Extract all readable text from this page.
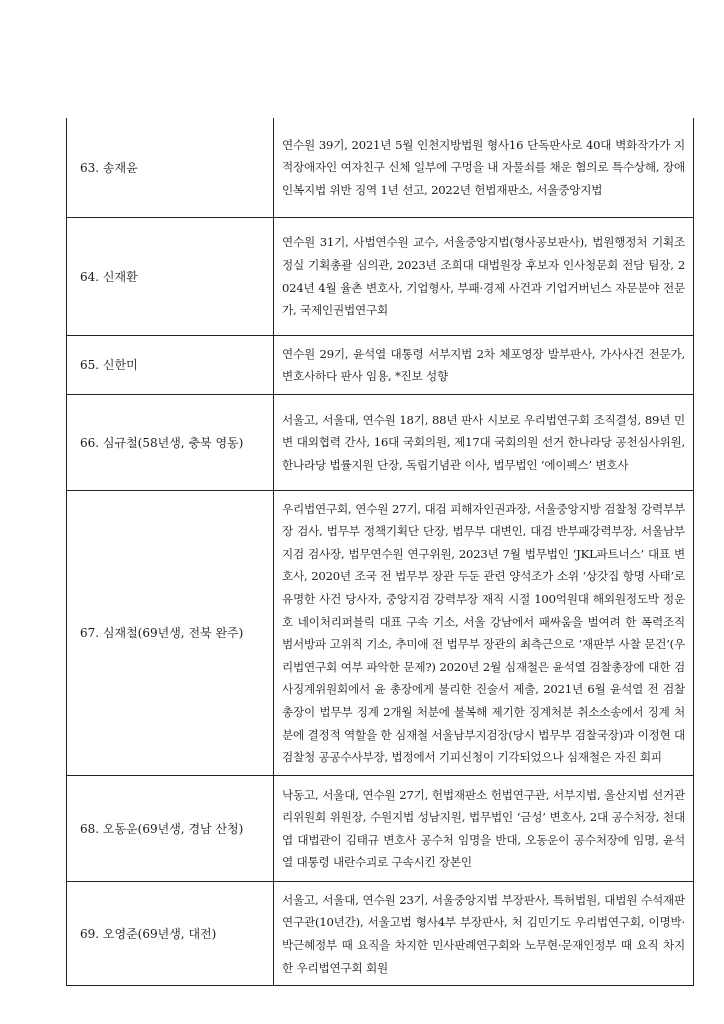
63. 송재윤	연수원 39기, 2021년 5월 인천지방법원 형사16 단독판사로 40대 벽화작가가 지적장애자인 여자친구 신체 일부에 구멍을 내 자물쇠를 채운 혐의로 특수상해, 장애인복지법 위반 징역 1년 선고, 2022년 헌법재판소, 서울중앙지법
64. 신재환	연수원 31기, 사법연수원 교수, 서울중앙지법(형사공보판사), 법원행정처 기획조정실 기획총괄 심의관, 2023년 조희대 대법원장 후보자 인사청문회 전담 팀장, 2024년 4월 율촌 변호사, 기업형사, 부패·경제 사건과 기업거버넌스 자문분야 전문가, 국제인권법연구회
65. 신한미	연수원 29기, 윤석열 대통령 서부지법 2차 체포영장 발부판사, 가사사건 전문가, 변호사하다 판사 임용, *진보 성향
66. 심규철(58년생, 충북 영동)	서울고, 서울대, 연수원 18기, 88년 판사 시보로 우리법연구회 조직결성, 89년 민변 대외협력 간사, 16대 국회의원, 제17대 국회의원 선거 한나라당 공천심사위원, 한나라당 법률지원 단장, 독립기념관 이사, 법무법인 ‘에이펙스’ 변호사
67. 심재철(69년생, 전북 완주)	우리법연구회, 연수원 27기, 대검 피해자인권과장, 서울중앙지방 검찰청 강력부부장 검사, 법무부 정책기획단 단장, 법무부 대변인, 대검 반부패강력부장, 서울남부지검 검사장, 법무연수원 연구위원, 2023년 7월 법무법인 ‘JKL파트너스’ 대표 변호사, 2020년 조국 전 법무부 장관 두둔 관련 양석조가 소위 ‘상갓집 항명 사태’로 유명한 사건 당사자, 중앙지검 강력부장 재직 시절 100억원대 해외원정도박 정운호 네이처리퍼블릭 대표 구속 기소, 서울 강남에서 패싸움을 벌여려 한 폭력조직 범서방파 고위직 기소, 추미애 전 법무부 장관의 최측근으로 ‘재판부 사찰 문건’(우리법연구회 여부 파악한 문제?) 2020년 2월 심재철은 윤석열 검찰총장에 대한 검사징계위원회에서 윤 총장에게 불리한 진술서 제출, 2021년 6월 윤석열 전 검찰총장이 법무부 징계 2개월 처분에 불복해 제기한 징계처분 취소소송에서 징계 처분에 결정적 역할을 한 심재철 서울남부지검장(당시 법무부 검찰국장)과 이정현 대검찰청 공공수사부장, 법정에서 기피신청이 기각되었으나 심재철은 자진 회피
68. 오동운(69년생, 경남 산청)	낙동고, 서울대, 연수원 27기, 헌법재판소 헌법연구관, 서부지법, 울산지법 선거관리위원회 위원장, 수원지법 성남지원, 법무법인 ‘금성’ 변호사, 2대 공수처장, 천대엽 대법관이 김태규 변호사 공수처 임명을 반대, 오동운이 공수처장에 임명, 윤석열 대통령 내란수괴로 구속시킨 장본인
69. 오영준(69년생, 대전)	서울고, 서울대, 연수원 23기, 서울중앙지법 부장판사, 특허법원, 대법원 수석재판연구관(10년간), 서울고법 형사4부 부장판사, 처 김민기도 우리법연구회, 이명박·박근혜정부 때 요직을 차지한 민사판례연구회와 노무현·문재인정부 때 요직 차지한 우리법연구회 회원
